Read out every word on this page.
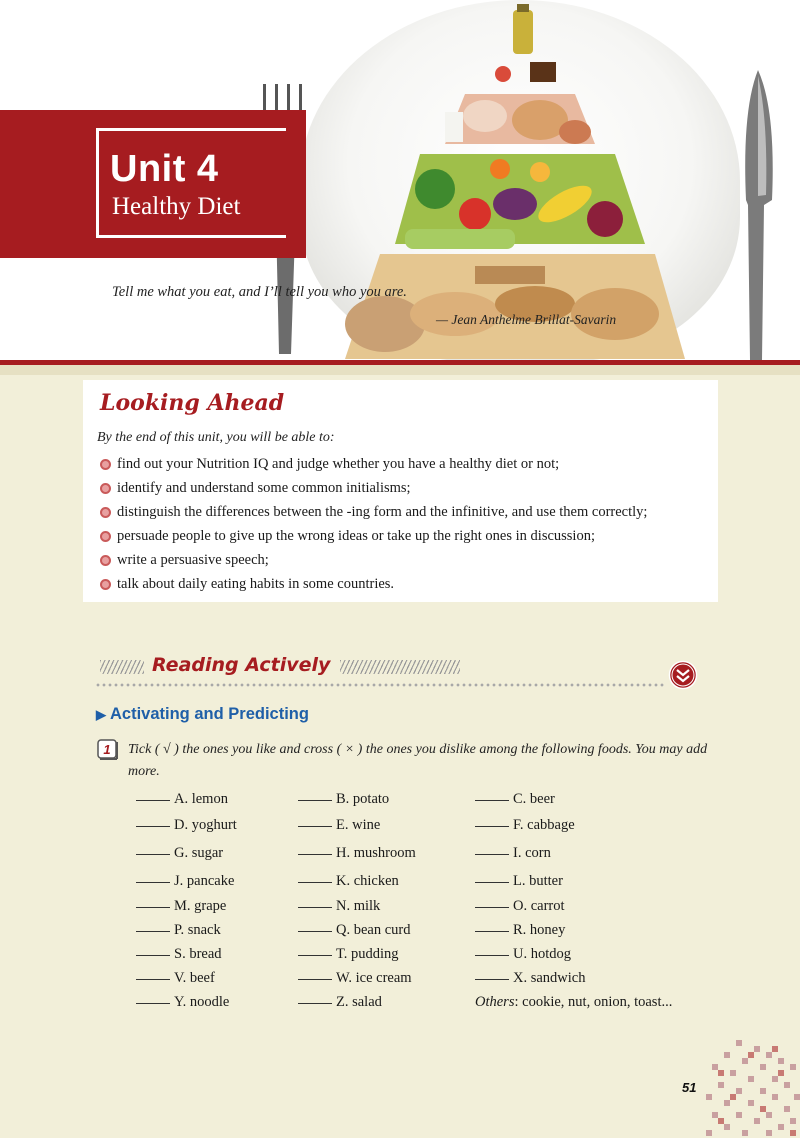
Unit 4
Healthy Diet
Tell me what you eat, and I’ll tell you who you are.
— Jean Anthelme Brillat-Savarin
Looking Ahead
By the end of this unit, you will be able to:
find out your Nutrition IQ and judge whether you have a healthy diet or not;
identify and understand some common initialisms;
distinguish the differences between the -ing form and the infinitive, and use them correctly;
persuade people to give up the wrong ideas or take up the right ones in discussion;
write a persuasive speech;
talk about daily eating habits in some countries.
Reading Actively
▶ Activating and Predicting
1 Tick ( √ ) the ones you like and cross ( × ) the ones you dislike among the following foods. You may add more.
A. lemon	B. potato	C. beer
D. yoghurt	E. wine	F. cabbage
G. sugar	H. mushroom	I. corn
J. pancake	K. chicken	L. butter
M. grape	N. milk	O. carrot
P. snack	Q. bean curd	R. honey
S. bread	T. pudding	U. hotdog
V. beef	W. ice cream	X. sandwich
Y. noodle	Z. salad	Others: cookie, nut, onion, toast...
51
